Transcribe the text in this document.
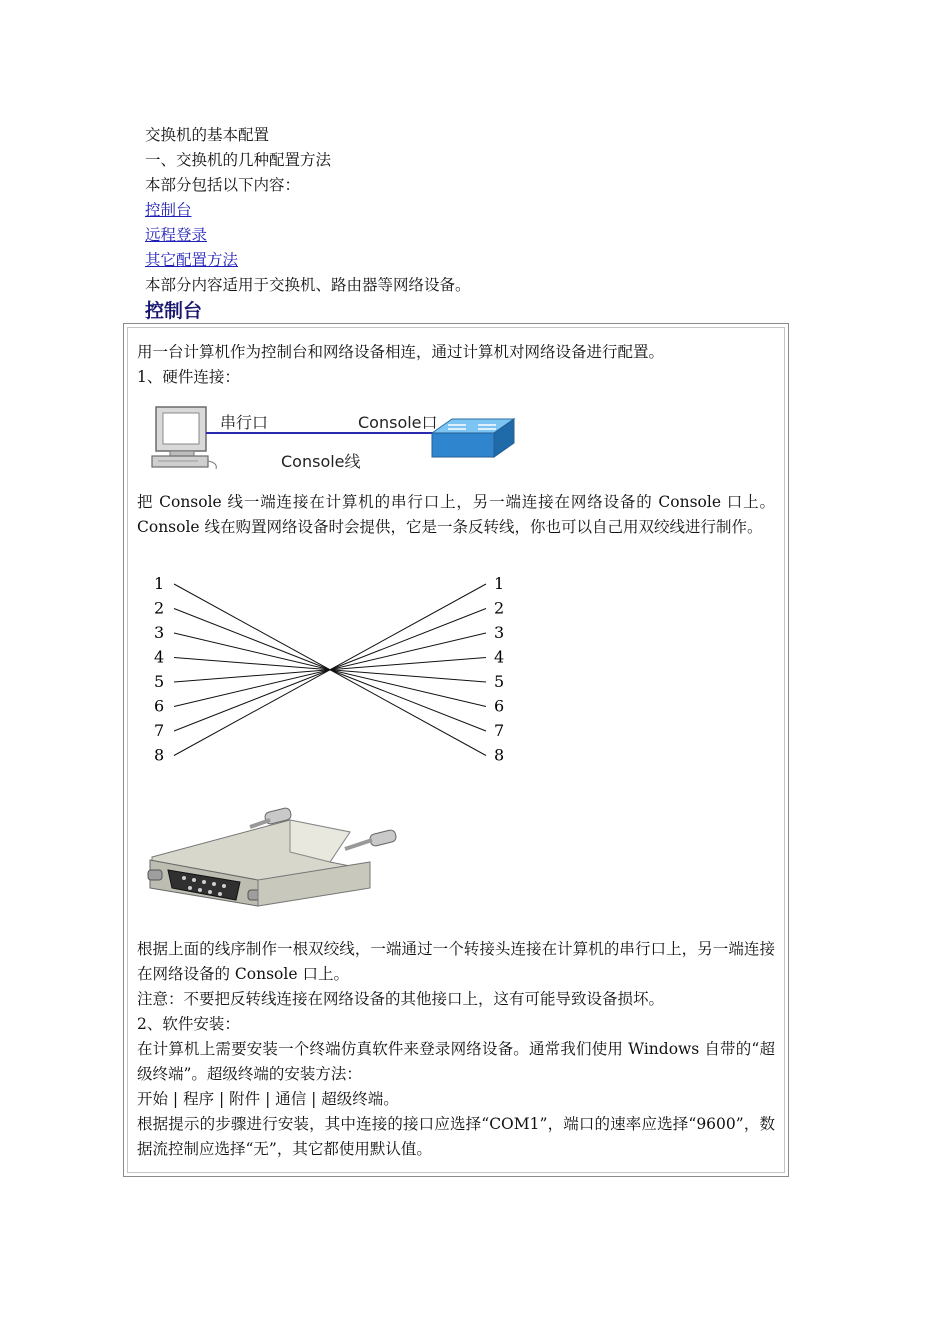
交换机的基本配置
一、交换机的几种配置方法
本部分包括以下内容：
控制台
远程登录
其它配置方法
本部分内容适用于交换机、路由器等网络设备。
控制台
用一台计算机作为控制台和网络设备相连，通过计算机对网络设备进行配置。
1、硬件连接：
串行口	Console口
Console线
把 Console 线一端连接在计算机的串行口上，另一端连接在网络设备的 Console 口上。Console 线在购置网络设备时会提供，它是一条反转线，你也可以自己用双绞线进行制作。
1
2
3
4
5
6
7
8
1
2
3
4
5
6
7
8
根据上面的线序制作一根双绞线，一端通过一个转接头连接在计算机的串行口上，另一端连接在网络设备的 Console 口上。
注意：不要把反转线连接在网络设备的其他接口上，这有可能导致设备损坏。
2、软件安装：
在计算机上需要安装一个终端仿真软件来登录网络设备。通常我们使用 Windows 自带的“超级终端”。超级终端的安装方法：
开始 | 程序 | 附件 | 通信 | 超级终端。
根据提示的步骤进行安装，其中连接的接口应选择“COM1”，端口的速率应选择“9600”，数据流控制应选择“无”，其它都使用默认值。
